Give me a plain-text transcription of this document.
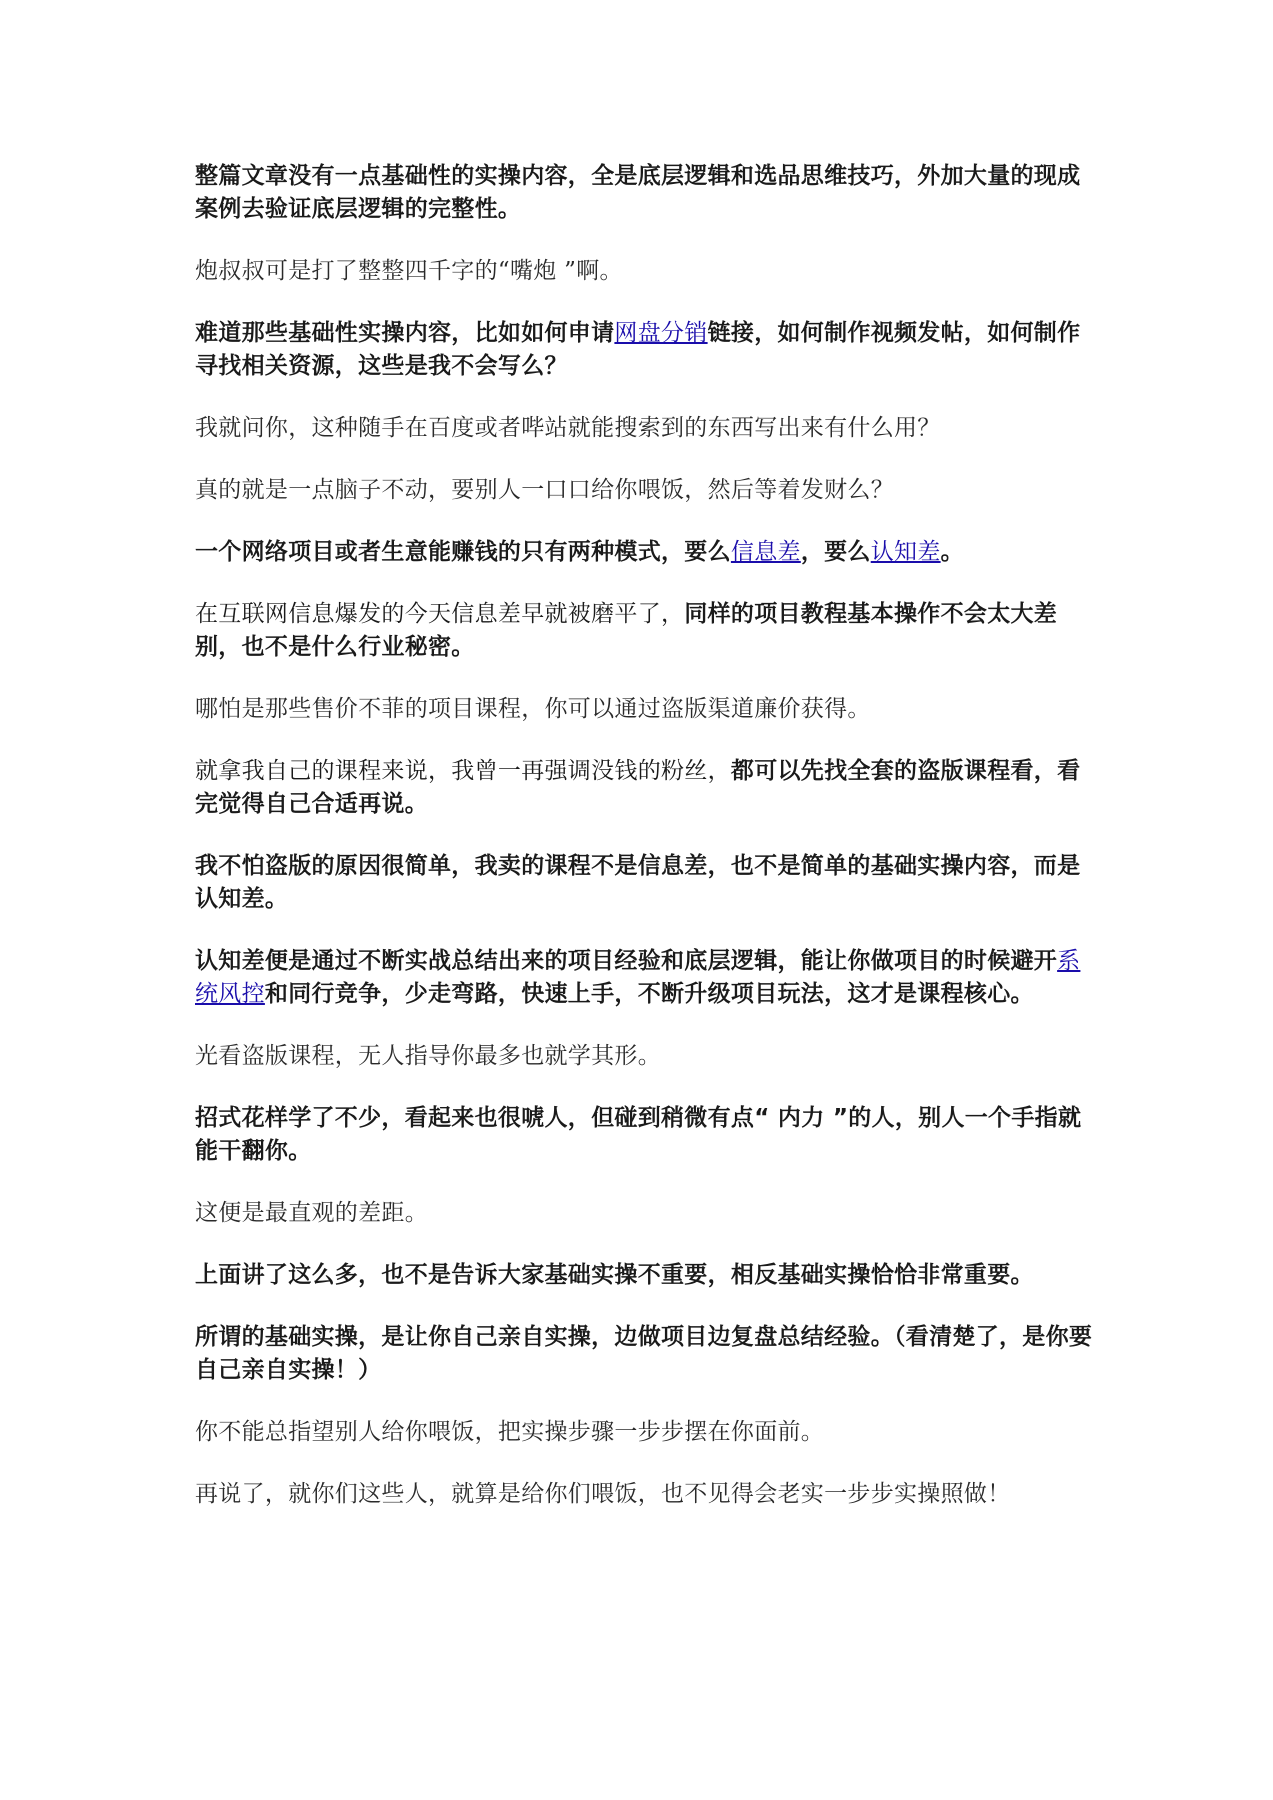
整篇文章没有一点基础性的实操内容，全是底层逻辑和选品思维技巧，外加大量的现成案例去验证底层逻辑的完整性。

炮叔叔可是打了整整四千字的“嘴炮 ”啊。

难道那些基础性实操内容，比如如何申请网盘分销链接，如何制作视频发帖，如何制作寻找相关资源，这些是我不会写么？

我就问你，这种随手在百度或者哔站就能搜索到的东西写出来有什么用？

真的就是一点脑子不动，要别人一口口给你喂饭，然后等着发财么？

一个网络项目或者生意能赚钱的只有两种模式，要么信息差，要么认知差。

在互联网信息爆发的今天信息差早就被磨平了，同样的项目教程基本操作不会太大差别，也不是什么行业秘密。

哪怕是那些售价不菲的项目课程，你可以通过盗版渠道廉价获得。

就拿我自己的课程来说，我曾一再强调没钱的粉丝，都可以先找全套的盗版课程看，看完觉得自己合适再说。

我不怕盗版的原因很简单，我卖的课程不是信息差，也不是简单的基础实操内容，而是认知差。

认知差便是通过不断实战总结出来的项目经验和底层逻辑，能让你做项目的时候避开系统风控和同行竞争，少走弯路，快速上手，不断升级项目玩法，这才是课程核心。

光看盗版课程，无人指导你最多也就学其形。

招式花样学了不少，看起来也很唬人，但碰到稍微有点“ 内力 ”的人，别人一个手指就能干翻你。

这便是最直观的差距。

上面讲了这么多，也不是告诉大家基础实操不重要，相反基础实操恰恰非常重要。

所谓的基础实操，是让你自己亲自实操，边做项目边复盘总结经验。（看清楚了，是你要自己亲自实操！）

你不能总指望别人给你喂饭，把实操步骤一步步摆在你面前。

再说了，就你们这些人，就算是给你们喂饭，也不见得会老实一步步实操照做！
